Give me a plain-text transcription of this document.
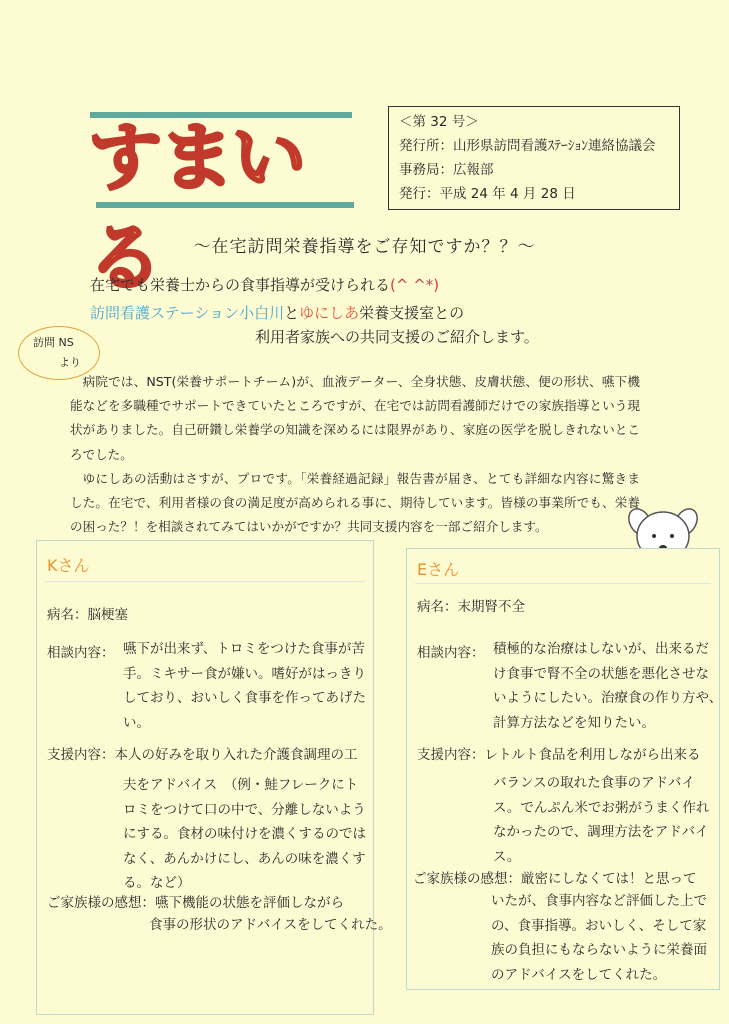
すまいる
＜第 32 号＞
発行所：山形県訪問看護ｽﾃｰｼｮﾝ連絡協議会
事務局：広報部
発行：平成 24 年 4 月 28 日
～在宅訪問栄養指導をご存知ですか？？～
在宅でも栄養士からの食事指導が受けられる(^ ^*)
訪問看護ステーション小白川とゆにしあ栄養支援室との
利用者家族への共同支援のご紹介します。
訪問 NS
より

病院では、NST(栄養サポートチーム)が、血液データー、全身状態、皮膚状態、便の形状、嚥下機能などを多職種でサポートできていたところですが、在宅では訪問看護師だけでの家族指導という現状がありました。自己研鑽し栄養学の知識を深めるには限界があり、家庭の医学を脱しきれないところでした。

ゆにしあの活動はさすが、プロです。「栄養経過記録」報告書が届き、とても詳細な内容に驚きました。在宅で、利用者様の食の満足度が高められる事に、期待しています。皆様の事業所でも、栄養の困った？！を相談されてみてはいかがですか？共同支援内容を一部ご紹介します。

Kさん
病名：脳梗塞
相談内容： 嚥下が出来ず、トロミをつけた食事が苦
手。ミキサー食が嫌い。嗜好がはっきり
しており、おいしく食事を作ってあげた
い。
支援内容：本人の好みを取り入れた介護食調理の工
夫をアドバイス　（例・鮭フレークにト
ロミをつけて口の中で、分離しないよう
にする。食材の味付けを濃くするのでは
なく、あんかけにし、あんの味を濃くす
る。など）
ご家族様の感想：嚥下機能の状態を評価しながら
食事の形状のアドバイスをしてくれた。
Eさん
病名：末期腎不全
相談内容： 積極的な治療はしないが、出来るだ
け食事で腎不全の状態を悪化させな
いようにしたい。治療食の作り方や、
計算方法などを知りたい。
支援内容：レトルト食品を利用しながら出来る
バランスの取れた食事のアドバイ
ス。でんぷん米でお粥がうまく作れ
なかったので、調理方法をアドバイ
ス。
ご家族様の感想：厳密にしなくては！と思って
いたが、食事内容など評価した上で
の、食事指導。おいしく、そして家
族の負担にもならないように栄養面
のアドバイスをしてくれた。
